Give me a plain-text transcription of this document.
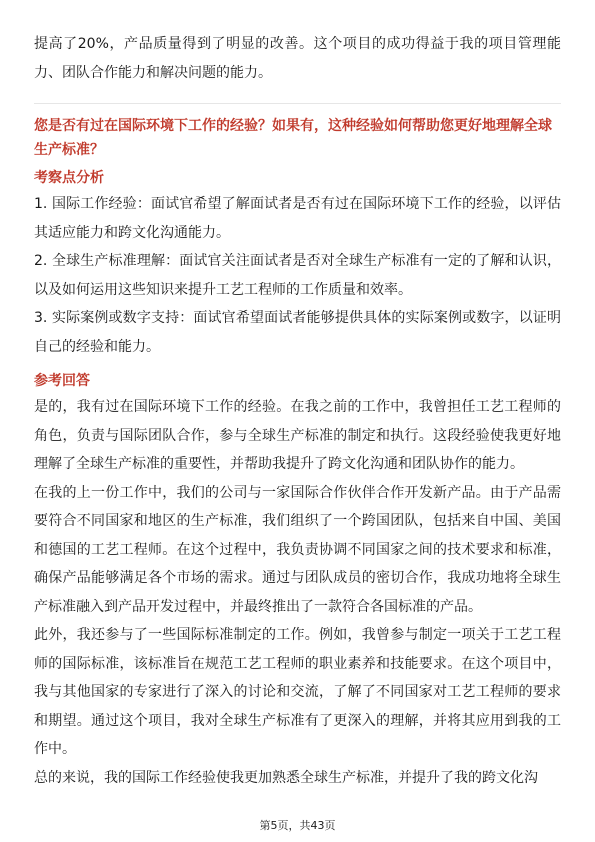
提高了20%，产品质量得到了明显的改善。这个项目的成功得益于我的项目管理能力、团队合作能力和解决问题的能力。

您是否有过在国际环境下工作的经验？如果有，这种经验如何帮助您更好地理解全球生产标准？
考察点分析

1. 国际工作经验：面试官希望了解面试者是否有过在国际环境下工作的经验，以评估其适应能力和跨文化沟通能力。

2. 全球生产标准理解：面试官关注面试者是否对全球生产标准有一定的了解和认识，以及如何运用这些知识来提升工艺工程师的工作质量和效率。

3. 实际案例或数字支持：面试官希望面试者能够提供具体的实际案例或数字，以证明自己的经验和能力。

参考回答

是的，我有过在国际环境下工作的经验。在我之前的工作中，我曾担任工艺工程师的角色，负责与国际团队合作，参与全球生产标准的制定和执行。这段经验使我更好地理解了全球生产标准的重要性，并帮助我提升了跨文化沟通和团队协作的能力。

在我的上一份工作中，我们的公司与一家国际合作伙伴合作开发新产品。由于产品需要符合不同国家和地区的生产标准，我们组织了一个跨国团队，包括来自中国、美国和德国的工艺工程师。在这个过程中，我负责协调不同国家之间的技术要求和标准，确保产品能够满足各个市场的需求。通过与团队成员的密切合作，我成功地将全球生产标准融入到产品开发过程中，并最终推出了一款符合各国标准的产品。

此外，我还参与了一些国际标准制定的工作。例如，我曾参与制定一项关于工艺工程师的国际标准，该标准旨在规范工艺工程师的职业素养和技能要求。在这个项目中，我与其他国家的专家进行了深入的讨论和交流，了解了不同国家对工艺工程师的要求和期望。通过这个项目，我对全球生产标准有了更深入的理解，并将其应用到我的工作中。

总的来说，我的国际工作经验使我更加熟悉全球生产标准，并提升了我的跨文化沟

第5页，共43页
